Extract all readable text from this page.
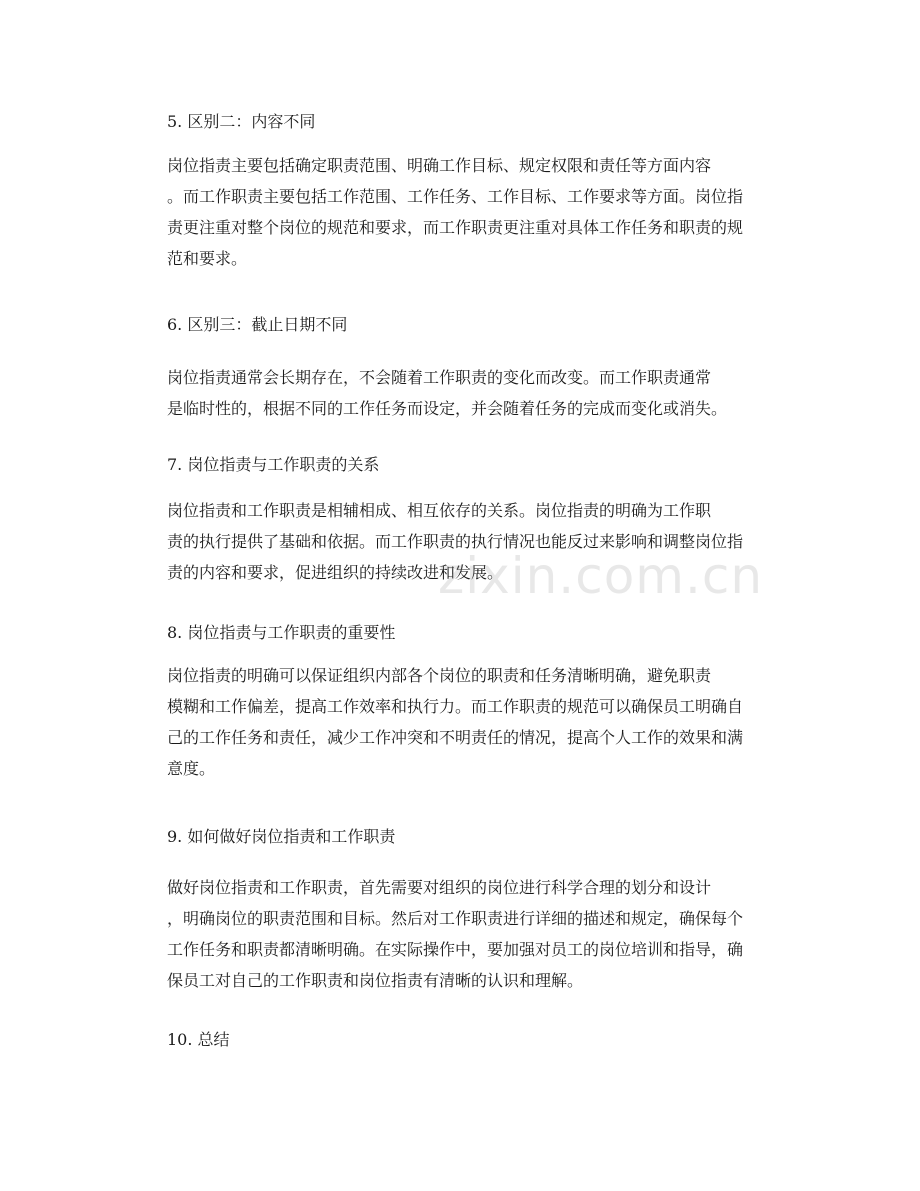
5. 区别二：内容不同
岗位指责主要包括确定职责范围、明确工作目标、规定权限和责任等方面内容
。而工作职责主要包括工作范围、工作任务、工作目标、工作要求等方面。岗位指
责更注重对整个岗位的规范和要求，而工作职责更注重对具体工作任务和职责的规
范和要求。
6. 区别三：截止日期不同
岗位指责通常会长期存在，不会随着工作职责的变化而改变。而工作职责通常
是临时性的，根据不同的工作任务而设定，并会随着任务的完成而变化或消失。
7. 岗位指责与工作职责的关系
岗位指责和工作职责是相辅相成、相互依存的关系。岗位指责的明确为工作职
责的执行提供了基础和依据。而工作职责的执行情况也能反过来影响和调整岗位指
责的内容和要求，促进组织的持续改进和发展。
8. 岗位指责与工作职责的重要性
岗位指责的明确可以保证组织内部各个岗位的职责和任务清晰明确，避免职责
模糊和工作偏差，提高工作效率和执行力。而工作职责的规范可以确保员工明确自
己的工作任务和责任，减少工作冲突和不明责任的情况，提高个人工作的效果和满
意度。
9. 如何做好岗位指责和工作职责
做好岗位指责和工作职责，首先需要对组织的岗位进行科学合理的划分和设计
，明确岗位的职责范围和目标。然后对工作职责进行详细的描述和规定，确保每个
工作任务和职责都清晰明确。在实际操作中，要加强对员工的岗位培训和指导，确
保员工对自己的工作职责和岗位指责有清晰的认识和理解。
10. 总结
zixin.com.cn
